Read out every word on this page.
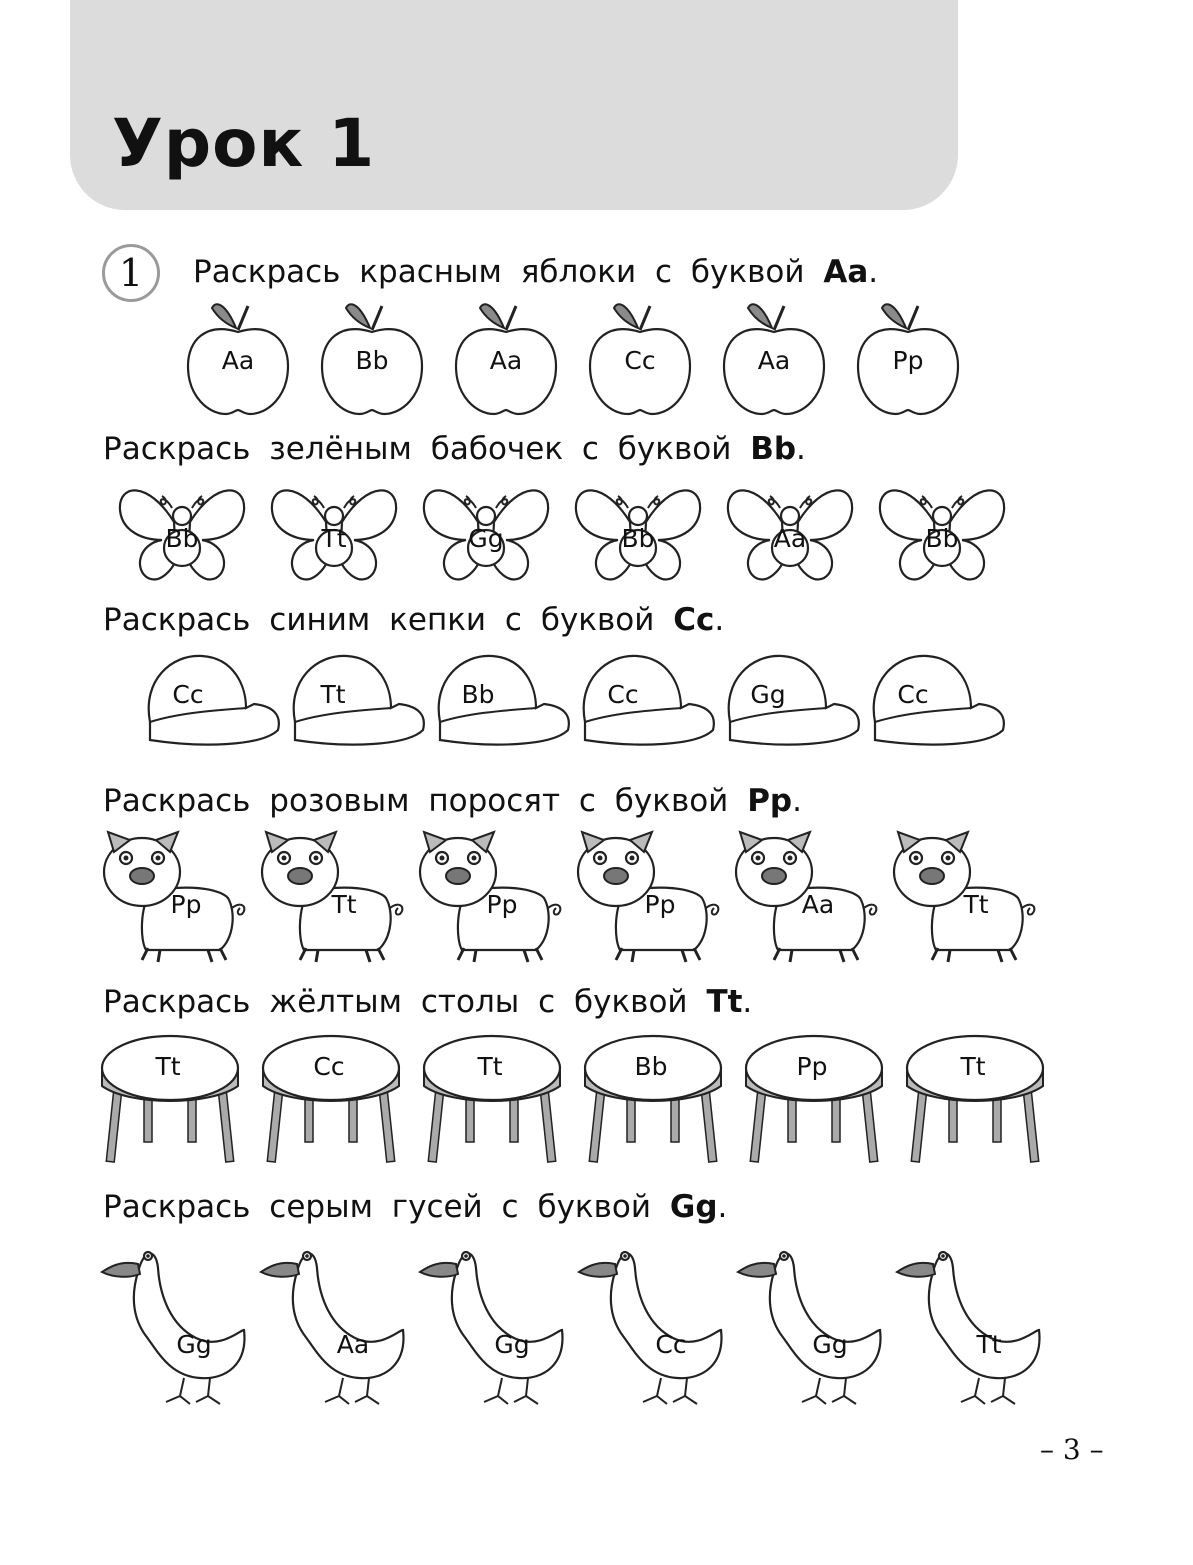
Урок 1
1	Раскрась красным яблоки с буквой Aa.
Aa	Bb	Aa	Cc	Aa	Pp
Раскрась зелёным бабочек с буквой Bb.
Bb	Tt	Gg	Bb	Aa	Bb
Раскрась синим кепки с буквой Cc.
Cc	Tt	Bb	Cc	Gg	Cc
Раскрась розовым поросят с буквой Pp.
Pp	Tt	Pp	Pp	Aa	Tt
Раскрась жёлтым столы с буквой Tt.
Tt	Cc	Tt	Bb	Pp	Tt
Раскрась серым гусей с буквой Gg.
Gg	Aa	Gg	Cc	Gg	Tt
– 3 –
